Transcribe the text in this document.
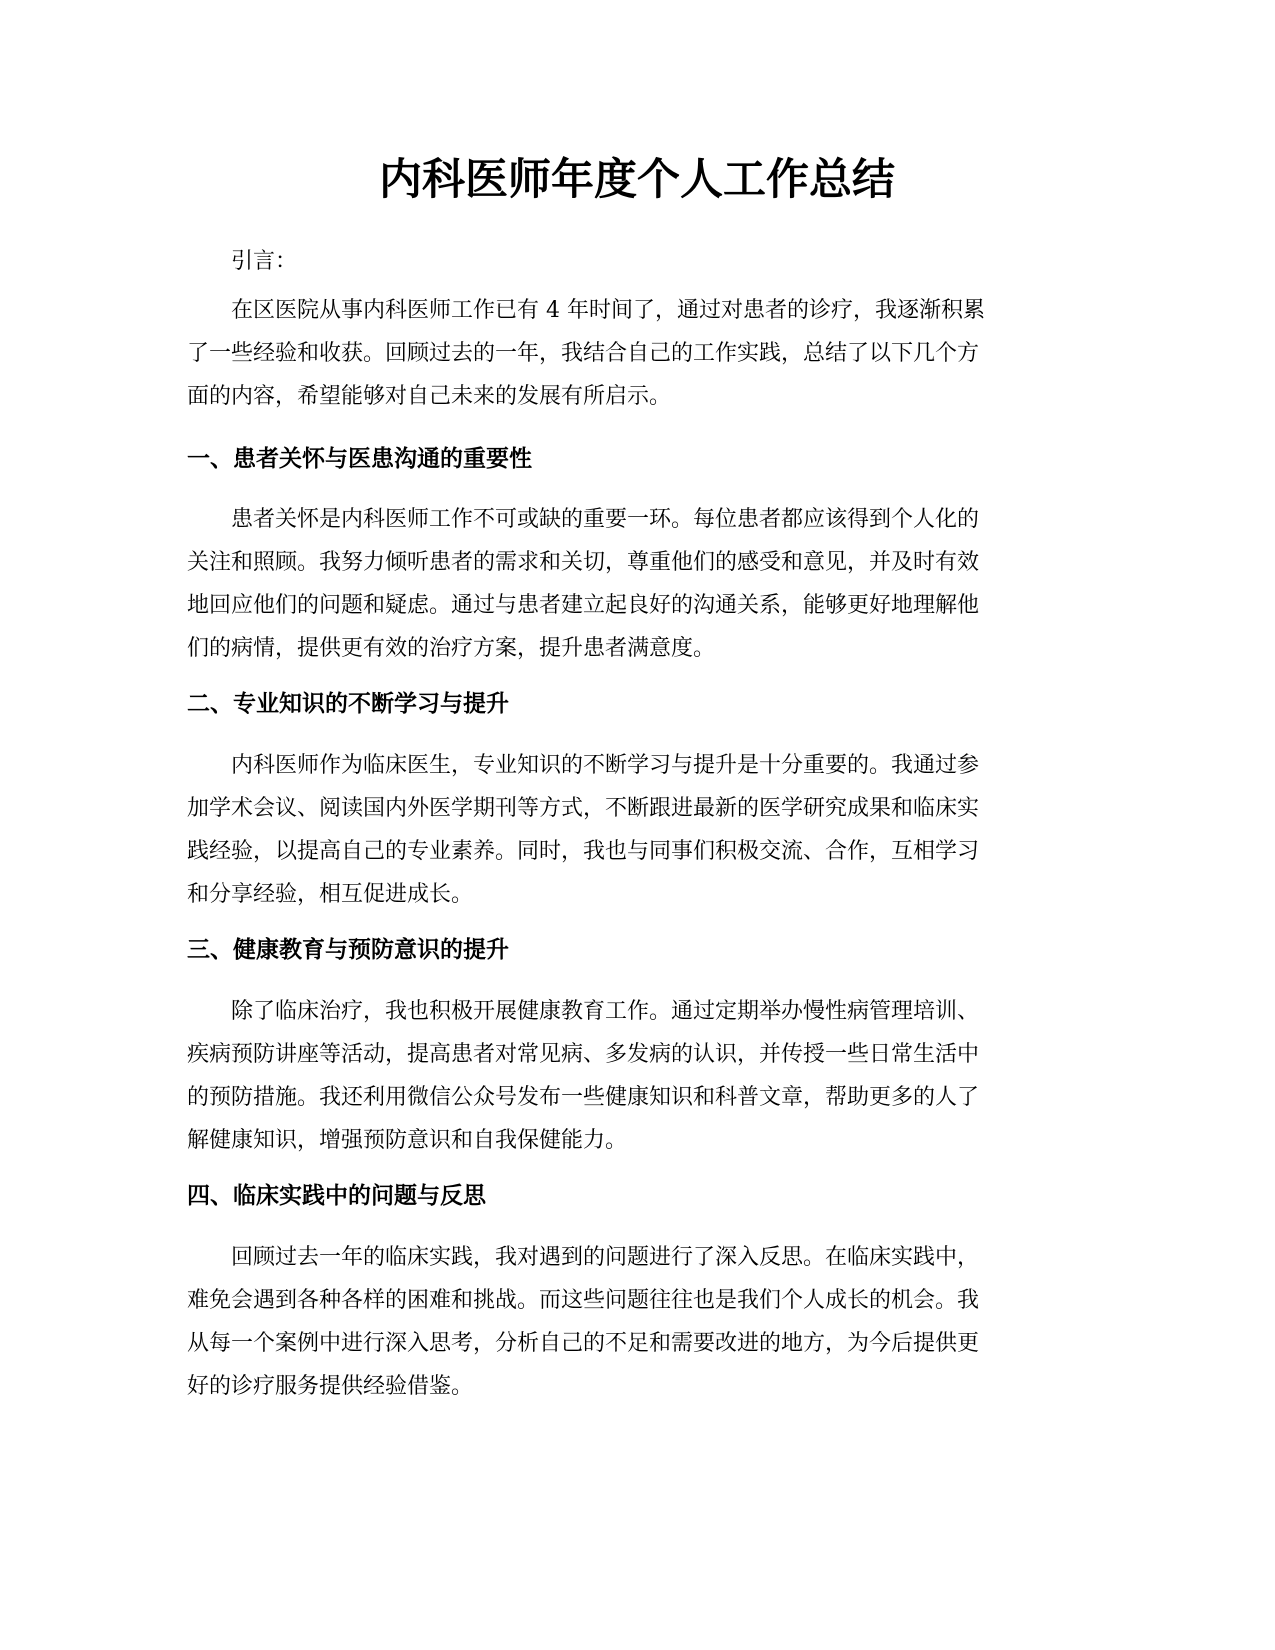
内科医师年度个人工作总结

引言：

在区医院从事内科医师工作已有 4 年时间了，通过对患者的诊疗，我逐渐积累
了一些经验和收获。回顾过去的一年，我结合自己的工作实践，总结了以下几个方
面的内容，希望能够对自己未来的发展有所启示。

一、患者关怀与医患沟通的重要性

患者关怀是内科医师工作不可或缺的重要一环。每位患者都应该得到个人化的
关注和照顾。我努力倾听患者的需求和关切，尊重他们的感受和意见，并及时有效
地回应他们的问题和疑虑。通过与患者建立起良好的沟通关系，能够更好地理解他
们的病情，提供更有效的治疗方案，提升患者满意度。

二、专业知识的不断学习与提升

内科医师作为临床医生，专业知识的不断学习与提升是十分重要的。我通过参
加学术会议、阅读国内外医学期刊等方式，不断跟进最新的医学研究成果和临床实
践经验，以提高自己的专业素养。同时，我也与同事们积极交流、合作，互相学习
和分享经验，相互促进成长。

三、健康教育与预防意识的提升

除了临床治疗，我也积极开展健康教育工作。通过定期举办慢性病管理培训、
疾病预防讲座等活动，提高患者对常见病、多发病的认识，并传授一些日常生活中
的预防措施。我还利用微信公众号发布一些健康知识和科普文章，帮助更多的人了
解健康知识，增强预防意识和自我保健能力。

四、临床实践中的问题与反思

回顾过去一年的临床实践，我对遇到的问题进行了深入反思。在临床实践中，
难免会遇到各种各样的困难和挑战。而这些问题往往也是我们个人成长的机会。我
从每一个案例中进行深入思考，分析自己的不足和需要改进的地方，为今后提供更
好的诊疗服务提供经验借鉴。
